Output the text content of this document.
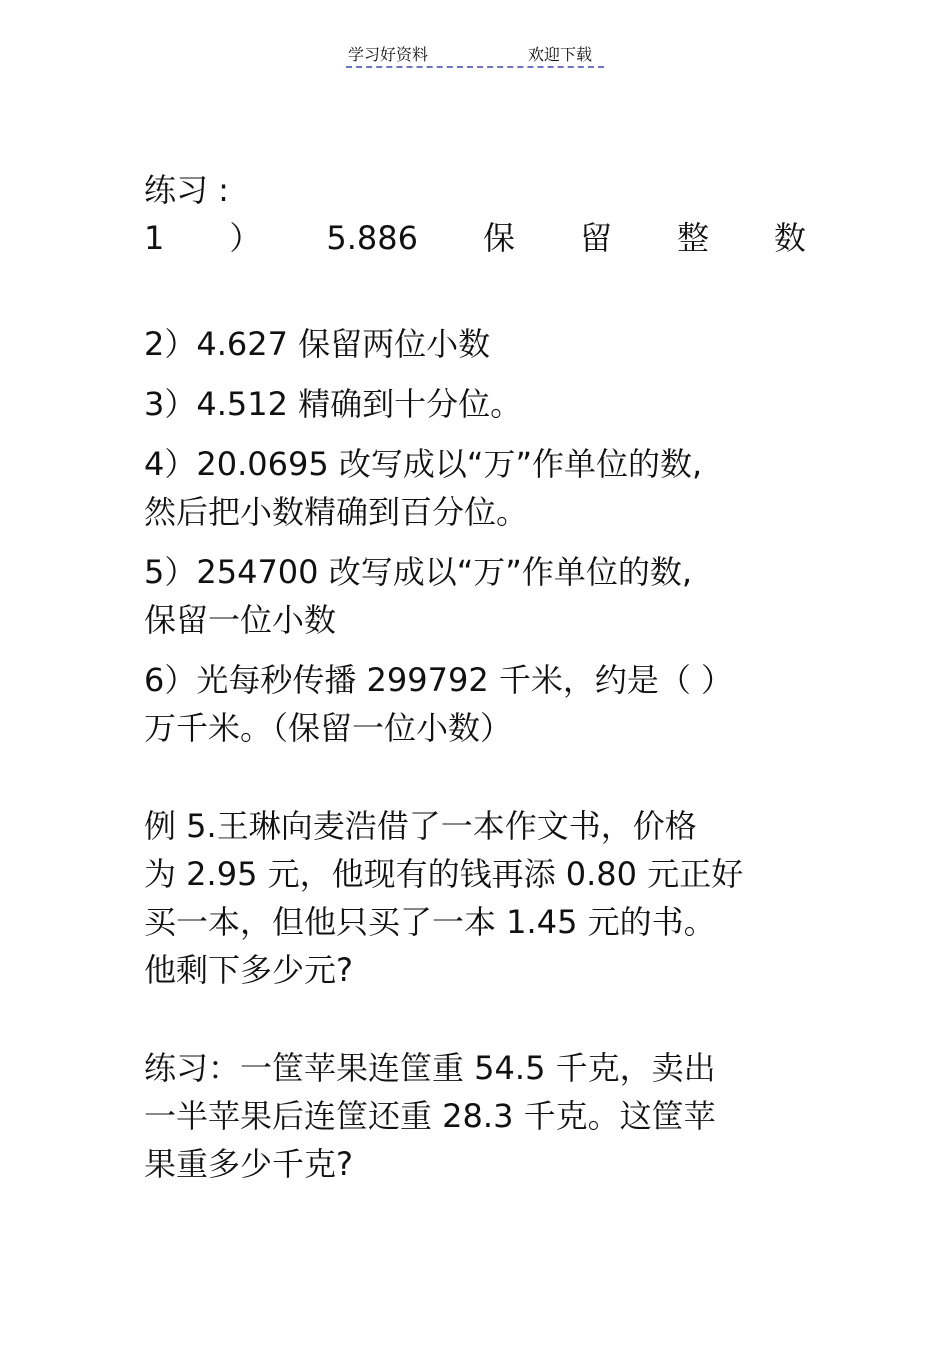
学习好资料	欢迎下载
练习 :
1 ） 5.886 保 留 整 数
2）4.627 保留两位小数
3）4.512 精确到十分位。
4）20.0695 改写成以“万”作单位的数,
然后把小数精确到百分位。
5）254700 改写成以“万”作单位的数,
保留一位小数
6）光每秒传播 299792 千米，约是（ ）
万千米。（保留一位小数）
例 5.王琳向麦浩借了一本作文书，价格
为 2.95 元，他现有的钱再添 0.80 元正好
买一本，但他只买了一本 1.45 元的书。
他剩下多少元?
练习：一筐苹果连筐重 54.5 千克，卖出
一半苹果后连筐还重 28.3 千克。这筐苹
果重多少千克?
